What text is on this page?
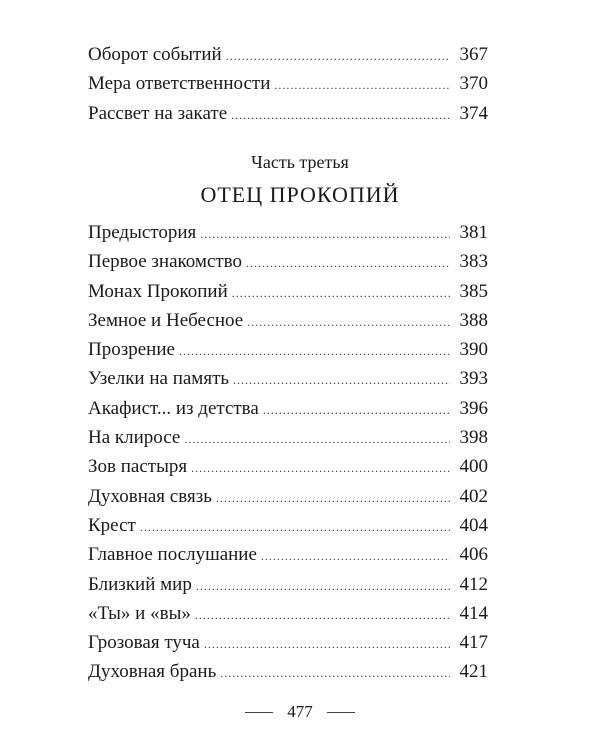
Оборот событий .....	367
Мера ответственности .....	370
Рассвет на закате .....	374
Часть третья
ОТЕЦ ПРОКОПИЙ
Предыстория .....	381
Первое знакомство .....	383
Монах Прокопий .....	385
Земное и Небесное .....	388
Прозрение .....	390
Узелки на память .....	393
Акафист... из детства .....	396
На клиросе .....	398
Зов пастыря .....	400
Духовная связь .....	402
Крест .....	404
Главное послушание .....	406
Близкий мир .....	412
«Ты» и «вы» .....	414
Грозовая туча .....	417
Духовная брань .....	421
477
